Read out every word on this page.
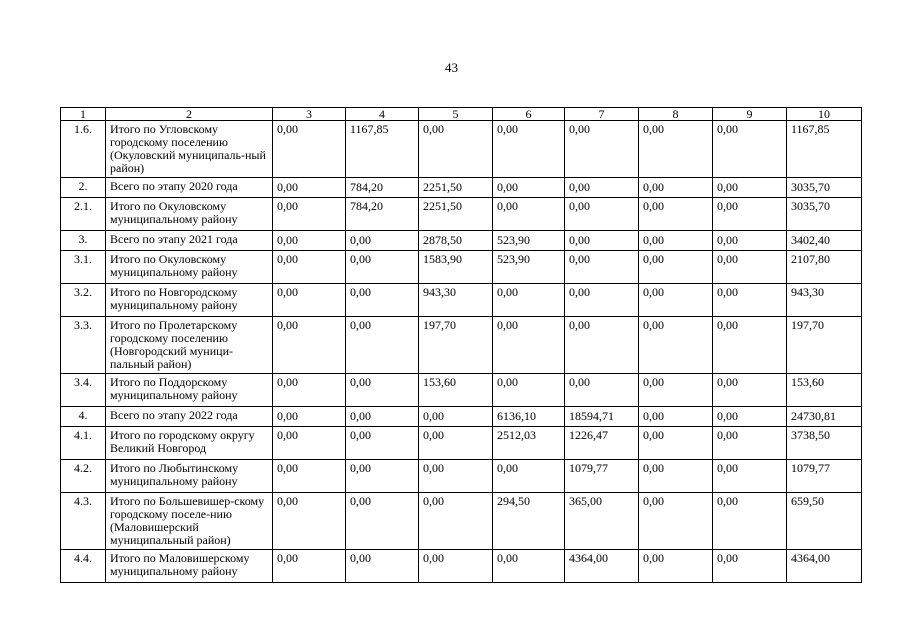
43
1	2	3	4	5	6	7	8	9	10
1.6.	Итого по Угловскому городскому поселению (Окуловский муниципаль-ный район)	0,00	1167,85	0,00	0,00	0,00	0,00	0,00	1167,85
2.	Всего по этапу 2020 года	0,00	784,20	2251,50	0,00	0,00	0,00	0,00	3035,70
2.1.	Итого по Окуловскому муниципальному району	0,00	784,20	2251,50	0,00	0,00	0,00	0,00	3035,70
3.	Всего по этапу 2021 года	0,00	0,00	2878,50	523,90	0,00	0,00	0,00	3402,40
3.1.	Итого по Окуловскому муниципальному району	0,00	0,00	1583,90	523,90	0,00	0,00	0,00	2107,80
3.2.	Итого по Новгородскому муниципальному району	0,00	0,00	943,30	0,00	0,00	0,00	0,00	943,30
3.3.	Итого по Пролетарскому городскому поселению (Новгородский муници-пальный район)	0,00	0,00	197,70	0,00	0,00	0,00	0,00	197,70
3.4.	Итого по Поддорскому муниципальному району	0,00	0,00	153,60	0,00	0,00	0,00	0,00	153,60
4.	Всего по этапу 2022 года	0,00	0,00	0,00	6136,10	18594,71	0,00	0,00	24730,81
4.1.	Итого по городскому округу Великий Новгород	0,00	0,00	0,00	2512,03	1226,47	0,00	0,00	3738,50
4.2.	Итого по Любытинскому муниципальному району	0,00	0,00	0,00	0,00	1079,77	0,00	0,00	1079,77
4.3.	Итого по Большевишер-скому городскому поселе-нию (Маловишерский муниципальный район)	0,00	0,00	0,00	294,50	365,00	0,00	0,00	659,50
4.4.	Итого по Маловишерскому муниципальному району	0,00	0,00	0,00	0,00	4364,00	0,00	0,00	4364,00
